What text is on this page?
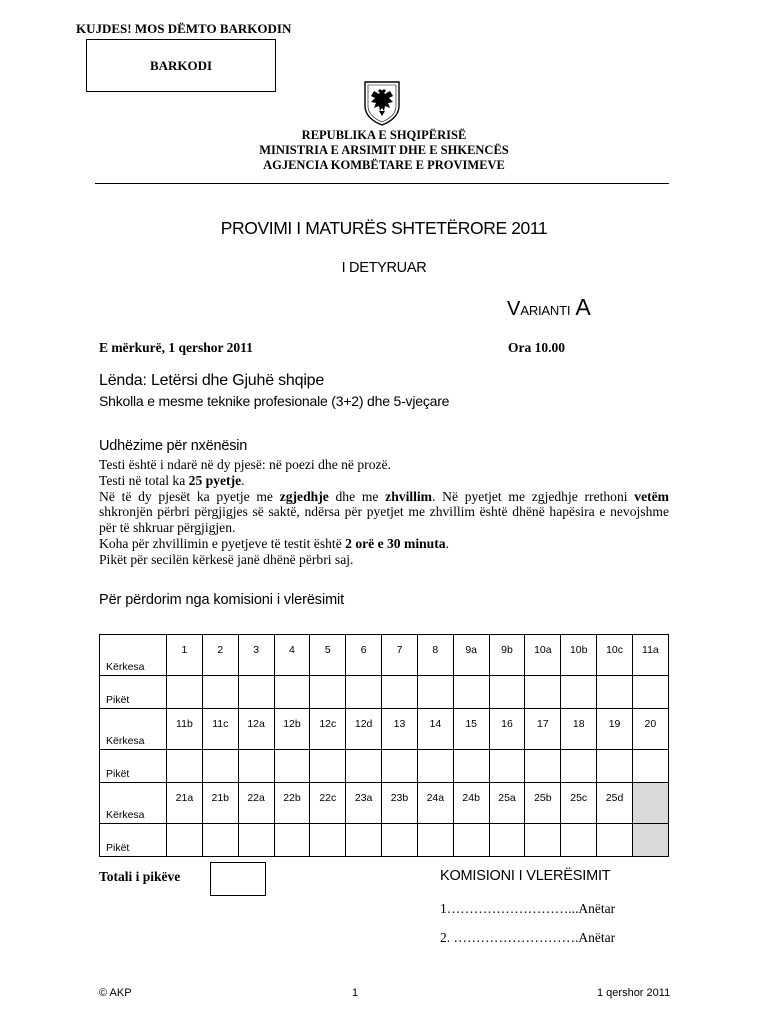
KUJDES! MOS DËMTO BARKODIN
BARKODI
REPUBLIKA E SHQIPËRISË
MINISTRIA E ARSIMIT DHE E SHKENCËS
AGJENCIA KOMBËTARE E PROVIMEVE
PROVIMI I MATURËS SHTETËRORE 2011
I DETYRUAR
VARIANTI A
E mërkurë, 1 qershor 2011	Ora 10.00
Lënda: Letërsi dhe Gjuhë shqipe
Shkolla e mesme teknike profesionale (3+2) dhe 5-vjeçare
Udhëzime për nxënësin

Testi është i ndarë në dy pjesë: në poezi dhe në prozë.

Testi në total ka 25 pyetje.

Në të dy pjesët ka pyetje me zgjedhje dhe me zhvillim. Në pyetjet me zgjedhje rrethoni vetëm shkronjën përbri përgjigjes së saktë, ndërsa për pyetjet me zhvillim është dhënë hapësira e nevojshme për të shkruar përgjigjen.

Koha për zhvillimin e pyetjeve të testit është 2 orë e 30 minuta.

Pikët për secilën kërkesë janë dhënë përbri saj.

Për përdorim nga komisioni i vlerësimit
Kërkesa	1	2	3	4	5	6	7	8	9a	9b	10a	10b	10c	11a
Pikët														
Kërkesa	11b	11c	12a	12b	12c	12d	13	14	15	16	17	18	19	20
Pikët														
Kërkesa	21a	21b	22a	22b	22c	23a	23b	24a	24b	25a	25b	25c	25d	
Pikët														
Totali i pikëve	KOMISIONI I VLERËSIMIT
1………………………...Anëtar
2. ……………………….Anëtar
© AKP	1	1 qershor 2011
